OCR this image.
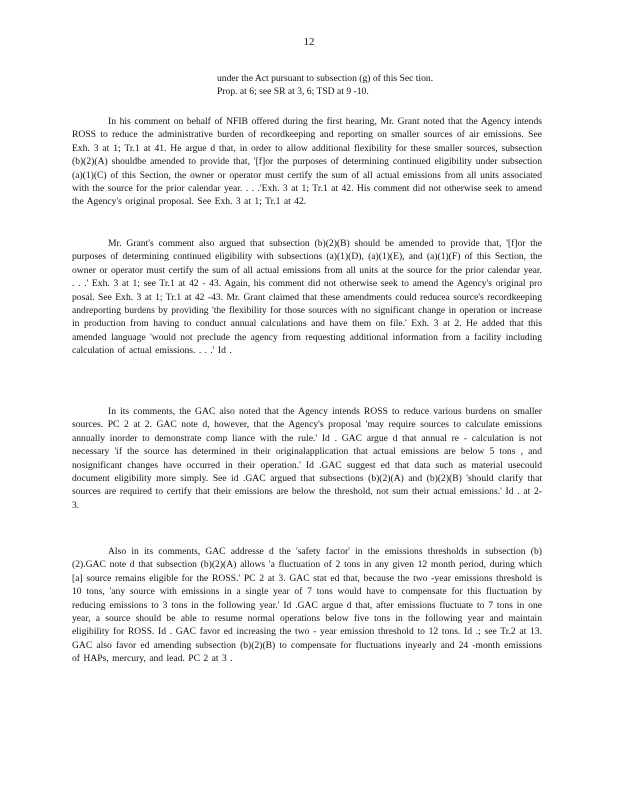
12
under the Act pursuant to subsection (g) of this Sec tion.
Prop. at 6; see SR at 3, 6; TSD at 9 -10.

In his comment on behalf of NFIB offered during the first hearing, Mr. Grant noted that the Agency intends ROSS to reduce the administrative burden of recordkeeping and reporting on smaller sources of air emissions. See Exh. 3 at 1; Tr.1 at 41. He argue d that, in order to allow additional flexibility for these smaller sources, subsection (b)(2)(A) shouldbe amended to provide that, '[f]or the purposes of determining continued eligibility under subsection (a)(1)(C) of this Section, the owner or operator must certify the sum of all actual emissions from all units associated with the source for the prior calendar year. . . .'Exh. 3 at 1; Tr.1 at 42. His comment did not otherwise seek to amend the Agency's original proposal. See Exh. 3 at 1; Tr.1 at 42.

Mr. Grant's comment also argued that subsection (b)(2)(B) should be amended to provide that, '[f]or the purposes of determining continued eligibility with subsections (a)(1)(D), (a)(1)(E), and (a)(1)(F) of this Section, the owner or operator must certify the sum of all actual emissions from all units at the source for the prior calendar year. . . .' Exh. 3 at 1; see Tr.1 at 42 - 43. Again, his comment did not otherwise seek to amend the Agency's original pro posal. See Exh. 3 at 1; Tr.1 at 42 -43. Mr. Grant claimed that these amendments could reducea source's recordkeeping andreporting burdens by providing 'the flexibility for those sources with no significant change in operation or increase in production from having to conduct annual calculations and have them on file.' Exh. 3 at 2. He added that this amended language 'would not preclude the agency from requesting additional information from a facility including calculation of actual emissions. . . .' Id .

In its comments, the GAC also noted that the Agency intends ROSS to reduce various burdens on smaller sources. PC 2 at 2. GAC note d, however, that the Agency's proposal 'may require sources to calculate emissions annually inorder to demonstrate comp liance with the rule.' Id . GAC argue d that annual re - calculation is not necessary 'if the source has determined in their originalapplication that actual emissions are below 5 tons , and nosignificant changes have occurred in their operation.' Id .GAC suggest ed that data such as material usecould document eligibility more simply. See id .GAC argued that subsections (b)(2)(A) and (b)(2)(B) 'should clarify that sources are required to certify that their emissions are below the threshold, not sum their actual emissions.' Id . at 2-3.

Also in its comments, GAC addresse d the 'safety factor' in the emissions thresholds in subsection (b)(2).GAC note d that subsection (b)(2)(A) allows 'a fluctuation of 2 tons in any given 12 month period, during which [a] source remains eligible for the ROSS.' PC 2 at 3. GAC stat ed that, because the two -year emissions threshold is 10 tons, 'any source with emissions in a single year of 7 tons would have to compensate for this fluctuation by reducing emissions to 3 tons in the following year.' Id .GAC argue d that, after emissions fluctuate to 7 tons in one year, a source should be able to resume normal operations below five tons in the following year and maintain eligibility for ROSS. Id . GAC favor ed increasing the two - year emission threshold to 12 tons. Id .; see Tr.2 at 13. GAC also favor ed amending subsection (b)(2)(B) to compensate for fluctuations inyearly and 24 -month emissions of HAPs, mercury, and lead. PC 2 at 3 .
